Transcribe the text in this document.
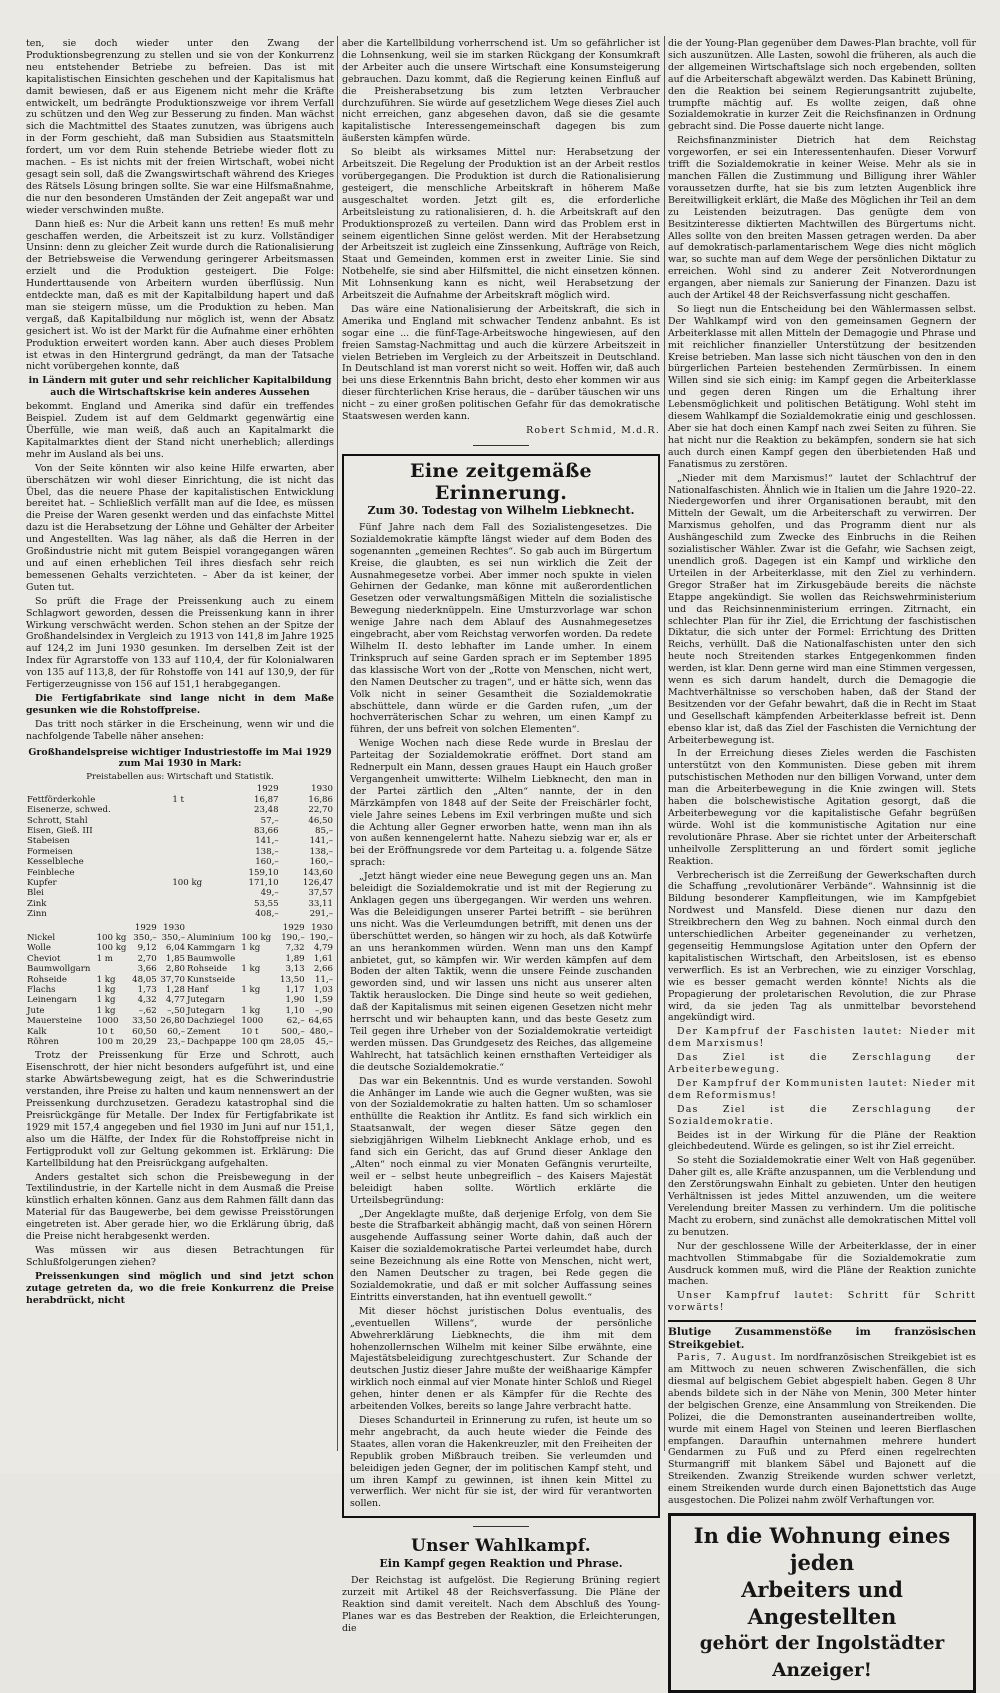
ten, sie doch wieder unter den Zwang der Produktionsbegrenzung zu stellen und sie von der Konkurrenz neu entstehender Betriebe zu befreien. Das ist mit kapitalistischen Einsichten geschehen und der Kapitalismus hat damit bewiesen, daß er aus Eigenem nicht mehr die Kräfte entwickelt, um bedrängte Produktionszweige vor ihrem Verfall zu schützen und den Weg zur Besserung zu finden. Man wächst sich die Machtmittel des Staates zunutzen, was übrigens auch in der Form geschieht, daß man Subsidien aus Staatsmitteln fordert, um vor dem Ruin stehende Betriebe wieder flott zu machen. – Es ist nichts mit der freien Wirtschaft, wobei nicht gesagt sein soll, daß die Zwangswirtschaft während des Krieges des Rätsels Lösung bringen sollte. Sie war eine Hilfsmaßnahme, die nur den besonderen Umständen der Zeit angepaßt war und wieder verschwinden mußte.

Dann hieß es: Nur die Arbeit kann uns retten! Es muß mehr geschaffen werden, die Arbeitszeit ist zu kurz. Vollständiger Unsinn: denn zu gleicher Zeit wurde durch die Rationalisierung der Betriebsweise die Verwendung geringerer Arbeitsmassen erzielt und die Produktion gesteigert. Die Folge: Hunderttausende von Arbeitern wurden überflüssig. Nun entdeckte man, daß es mit der Kapitalbildung hapert und daß man sie steigern müsse, um die Produktion zu heben. Man vergaß, daß Kapitalbildung nur möglich ist, wenn der Absatz gesichert ist. Wo ist der Markt für die Aufnahme einer erhöhten Produktion erweitert worden kann. Aber auch dieses Problem ist etwas in den Hintergrund gedrängt, da man der Tatsache nicht vorübergehen konnte, daß

in Ländern mit guter und sehr reichlicher Kapitalbildung auch die Wirtschaftskrise kein anderes Aussehen

bekommt. England und Amerika sind dafür ein treffendes Beispiel. Zudem ist auf dem Geldmarkt gegenwärtig eine Überfülle, wie man weiß, daß auch an Kapitalmarkt die Kapitalmarktes dient der Stand nicht unerheblich; allerdings mehr im Ausland als bei uns.

Von der Seite könnten wir also keine Hilfe erwarten, aber überschätzen wir wohl dieser Einrichtung, die ist nicht das Übel, das die neuere Phase der kapitalistischen Entwicklung bereitet hat. – Schließlich verfällt man auf die Idee, es müssen die Preise der Waren gesenkt werden und das einfachste Mittel dazu ist die Herabsetzung der Löhne und Gehälter der Arbeiter und Angestellten. Was lag näher, als daß die Herren in der Großindustrie nicht mit gutem Beispiel vorangegangen wären und auf einen erheblichen Teil ihres diesfach sehr reich bemessenen Gehalts verzichteten. – Aber da ist keiner, der Guten tut.

So prüft die Frage der Preissenkung auch zu einem Schlagwort geworden, dessen die Preissenkung kann in ihrer Wirkung verschwächt werden. Schon stehen an der Spitze der Großhandelsindex in Vergleich zu 1913 von 141,8 im Jahre 1925 auf 124,2 im Juni 1930 gesunken. Im derselben Zeit ist der Index für Agrarstoffe von 133 auf 110,4, der für Kolonialwaren von 135 auf 113,8, der für Rohstoffe von 141 auf 130,9, der für Fertigerzeugnisse von 156 auf 151,1 herabgegangen.

Die Fertigfabrikate sind lange nicht in dem Maße gesunken wie die Rohstoffpreise.

Das tritt noch stärker in die Erscheinung, wenn wir und die nachfolgende Tabelle näher ansehen:

Großhandelspreise wichtiger Industriestoffe im Mai 1929 zum Mai 1930 in Mark:
Preistabellen aus: Wirtschaft und Statistik.
		1929	1930
Fettförderkohle	1 t	16,87	16,86
Eisenerze, schwed.		23,48	22,70
Schrott, Stahl		57,–	46,50
Eisen, Gieß. III		83,66	85,–
Stabeisen		141,–	141,–
Formeisen		138,–	138,–
Kesselbleche		160,–	160,–
Feinbleche		159,10	143,60
Kupfer	100 kg	171,10	126,47
Blei		49,–	37,57
Zink		53,55	33,11
Zinn		408,–	291,–
		1929	1930			1929	1930
Nickel	100 kg	350,–	350,–	Aluminium	100 kg	190,–	190,–
Wolle	100 kg	9,12	6,04	Kammgarn	1 kg	7,32	4,79
Cheviot	1 m	2,70	1,85	Baumwolle		1,89	1,61
Baumwollgarn		3,66	2,80	Rohseide	1 kg	3,13	2,66
Rohseide	1 kg	48,05	37,70	Kunstseide		13,50	11,–
Flachs	1 kg	1,73	1,28	Hanf	1 kg	1,17	1,03
Leinengarn	1 kg	4,32	4,77	Jutegarn		1,90	1,59
Jute	1 kg	–,62	–,50	Jutegarn	1 kg	1,10	–,90
Mauersteine	1000	33,50	26,80	Dachziegel	1000	62,–	64,65
Kalk	10 t	60,50	60,–	Zement	10 t	500,–	480,–
Röhren	100 m	20,29	23,–	Dachpappe	100 qm	28,05	45,–

Trotz der Preissenkung für Erze und Schrott, auch Eisenschrott, der hier nicht besonders aufgeführt ist, und eine starke Abwärtsbewegung zeigt, hat es die Schwerindustrie verstanden, ihre Preise zu halten und kaum nennenswert an der Preissenkung durchzusetzen. Geradezu katastrophal sind die Preisrückgänge für Metalle. Der Index für Fertigfabrikate ist 1929 mit 157,4 angegeben und fiel 1930 im Juni auf nur 151,1, also um die Hälfte, der Index für die Rohstoffpreise nicht in Fertigprodukt voll zur Geltung gekommen ist. Erklärung: Die Kartellbildung hat den Preisrückgang aufgehalten.

Anders gestaltet sich schon die Preisbewegung in der Textilindustrie, in der Kartelle nicht in dem Ausmaß die Preise künstlich erhalten können. Ganz aus dem Rahmen fällt dann das Material für das Baugewerbe, bei dem gewisse Preisstörungen eingetreten ist. Aber gerade hier, wo die Erklärung übrig, daß die Preise nicht herabgesenkt werden.

Was müssen wir aus diesen Betrachtungen für Schlußfolgerungen ziehen?

Preissenkungen sind möglich und sind jetzt schon zutage getreten da, wo die freie Konkurrenz die Preise herabdrückt, nicht

aber die Kartellbildung vorherrschend ist. Um so gefährlicher ist die Lohnsenkung, weil sie im starken Rückgang der Konsumkraft der Arbeiter auch die unsere Wirtschaft eine Konsumsteigerung gebrauchen. Dazu kommt, daß die Regierung keinen Einfluß auf die Preisherabsetzung bis zum letzten Verbraucher durchzuführen. Sie würde auf gesetzlichem Wege dieses Ziel auch nicht erreichen, ganz abgesehen davon, daß sie die gesamte kapitalistische Interessengemeinschaft dagegen bis zum äußersten kämpfen würde.

So bleibt als wirksames Mittel nur: Herabsetzung der Arbeitszeit. Die Regelung der Produktion ist an der Arbeit restlos vorübergegangen. Die Produktion ist durch die Rationalisierung gesteigert, die menschliche Arbeitskraft in höherem Maße ausgeschaltet worden. Jetzt gilt es, die erforderliche Arbeitsleistung zu rationalisieren, d. h. die Arbeitskraft auf den Produktionsprozeß zu verteilen. Dann wird das Problem erst in seinem eigentlichen Sinne gelöst werden. Mit der Herabsetzung der Arbeitszeit ist zugleich eine Zinssenkung, Aufträge von Reich, Staat und Gemeinden, kommen erst in zweiter Linie. Sie sind Notbehelfe, sie sind aber Hilfsmittel, die nicht einsetzen können. Mit Lohnsenkung kann es nicht, weil Herabsetzung der Arbeitszeit die Aufnahme der Arbeitskraft möglich wird.

Das wäre eine Nationalisierung der Arbeitskraft, die sich in Amerika und England mit schwacher Tendenz anbahnt. Es ist sogar eine ... die fünf-Tage-Arbeitswoche hingewiesen, auf den freien Samstag-Nachmittag und auch die kürzere Arbeitszeit in vielen Betrieben im Vergleich zu der Arbeitszeit in Deutschland. In Deutschland ist man vorerst nicht so weit. Hoffen wir, daß auch bei uns diese Erkenntnis Bahn bricht, desto eher kommen wir aus dieser fürchterlichen Krise heraus, die – darüber täuschen wir uns nicht – zu einer großen politischen Gefahr für das demokratische Staatswesen werden kann.

Robert Schmid, M.d.R.

Eine zeitgemäße Erinnerung.
Zum 30. Todestag von Wilhelm Liebknecht.

Fünf Jahre nach dem Fall des Sozialistengesetzes. Die Sozialdemokratie kämpfte längst wieder auf dem Boden des sogenannten „gemeinen Rechtes“. So gab auch im Bürgertum Kreise, die glaubten, es sei nun wirklich die Zeit der Ausnahmegesetze vorbei. Aber immer noch spukte in vielen Gehirnen der Gedanke, man könne mit außerordentlichen Gesetzen oder verwaltungsmäßigen Mitteln die sozialistische Bewegung niederknüppeln. Eine Umsturzvorlage war schon wenige Jahre nach dem Ablauf des Ausnahmegesetzes eingebracht, aber vom Reichstag verworfen worden. Da redete Wilhelm II. desto lebhafter im Lande umher. In einem Trinkspruch auf seine Garden sprach er im September 1895 das klassische Wort von der „Rotte von Menschen, nicht wert, den Namen Deutscher zu tragen“, und er hätte sich, wenn das Volk nicht in seiner Gesamtheit die Sozialdemokratie abschüttele, dann würde er die Garden rufen, „um der hochverräterischen Schar zu wehren, um einen Kampf zu führen, der uns befreit von solchen Elementen“.

Wenige Wochen nach diese Rede wurde in Breslau der Parteitag der Sozialdemokratie eröffnet. Dort stand am Rednerpult ein Mann, dessen graues Haupt ein Hauch großer Vergangenheit umwitterte: Wilhelm Liebknecht, den man in der Partei zärtlich den „Alten“ nannte, der in den Märzkämpfen von 1848 auf der Seite der Freischärler focht, viele Jahre seines Lebens im Exil verbringen mußte und sich die Achtung aller Gegner erworben hatte, wenn man ihn als von außen kennengelernt hatte. Nahezu siebzig war er, als er bei der Eröffnungsrede vor dem Parteitag u. a. folgende Sätze sprach:

„Jetzt hängt wieder eine neue Bewegung gegen uns an. Man beleidigt die Sozialdemokratie und ist mit der Regierung zu Anklagen gegen uns übergegangen. Wir werden uns wehren. Was die Beleidigungen unserer Partei betrifft – sie berühren uns nicht. Was die Verleumdungen betrifft, mit denen uns der überschüttet werden, so hängen wir zu hoch, als daß Kotwürfe an uns herankommen würden. Wenn man uns den Kampf anbietet, gut, so kämpfen wir. Wir werden kämpfen auf dem Boden der alten Taktik, wenn die unsere Feinde zuschanden geworden sind, und wir lassen uns nicht aus unserer alten Taktik herauslocken. Die Dinge sind heute so weit gediehen, daß der Kapitalismus mit seinen eigenen Gesetzen nicht mehr herrscht und wir behaupten kann, und das beste Gesetz zum Teil gegen ihre Urheber von der Sozialdemokratie verteidigt werden müssen. Das Grundgesetz des Reiches, das allgemeine Wahlrecht, hat tatsächlich keinen ernsthaften Verteidiger als die deutsche Sozialdemokratie.“

Das war ein Bekenntnis. Und es wurde verstanden. Sowohl die Anhänger im Lande wie auch die Gegner wußten, was sie von der Sozialdemokratie zu halten hatten. Um so schamloser enthüllte die Reaktion ihr Antlitz. Es fand sich wirklich ein Staatsanwalt, der wegen dieser Sätze gegen den siebzigjährigen Wilhelm Liebknecht Anklage erhob, und es fand sich ein Gericht, das auf Grund dieser Anklage den „Alten“ noch einmal zu vier Monaten Gefängnis verurteilte, weil er – selbst heute unbegreiflich – des Kaisers Majestät beleidigt haben sollte. Wörtlich erklärte die Urteilsbegründung:

„Der Angeklagte mußte, daß derjenige Erfolg, von dem Sie beste die Strafbarkeit abhängig macht, daß von seinen Hörern ausgehende Auffassung seiner Worte dahin, daß auch der Kaiser die sozialdemokratische Partei verleumdet habe, durch seine Bezeichnung als eine Rotte von Menschen, nicht wert, den Namen Deutscher zu tragen, bei Rede gegen die Sozialdemokratie, und daß er mit solcher Auffassung seines Eintritts einverstanden, hat ihn eventuell gewollt.“

Mit dieser höchst juristischen Dolus eventualis, des „eventuellen Willens“, wurde der persönliche Abwehrerklärung Liebknechts, die ihm mit dem hohenzollernschen Wilhelm mit keiner Silbe erwähnte, eine Majestätsbeleidigung zurechtgeschustert. Zur Schande der deutschen Justiz dieser Jahre mußte der weißhaarige Kämpfer wirklich noch einmal auf vier Monate hinter Schloß und Riegel gehen, hinter denen er als Kämpfer für die Rechte des arbeitenden Volkes, bereits so lange Jahre verbracht hatte.

Dieses Schandurteil in Erinnerung zu rufen, ist heute um so mehr angebracht, da auch heute wieder die Feinde des Staates, allen voran die Hakenkreuzler, mit den Freiheiten der Republik groben Mißbrauch treiben. Sie verleumden und beleidigen jeden Gegner, der im politischen Kampf steht, und um ihren Kampf zu gewinnen, ist ihnen kein Mittel zu verwerflich. Wer nicht für sie ist, der wird für verantworten sollen.

Unser Wahlkampf.
Ein Kampf gegen Reaktion und Phrase.

Der Reichstag ist aufgelöst. Die Regierung Brüning regiert zurzeit mit Artikel 48 der Reichsverfassung. Die Pläne der Reaktion sind damit vereitelt. Nach dem Abschluß des Young-Planes war es das Bestreben der Reaktion, die Erleichterungen, die

die der Young-Plan gegenüber dem Dawes-Plan brachte, voll für sich auszunützen. Alle Lasten, sowohl die früheren, als auch die der allgemeinen Wirtschaftslage sich noch ergebenden, sollten auf die Arbeiterschaft abgewälzt werden. Das Kabinett Brüning, den die Reaktion bei seinem Regierungsantritt zujubelte, trumpfte mächtig auf. Es wollte zeigen, daß ohne Sozialdemokratie in kurzer Zeit die Reichsfinanzen in Ordnung gebracht sind. Die Posse dauerte nicht lange.

Reichsfinanzminister Dietrich hat dem Reichstag vorgeworfen, er sei ein Interessentenhaufen. Dieser Vorwurf trifft die Sozialdemokratie in keiner Weise. Mehr als sie in manchen Fällen die Zustimmung und Billigung ihrer Wähler voraussetzen durfte, hat sie bis zum letzten Augenblick ihre Bereitwilligkeit erklärt, die Maße des Möglichen ihr Teil an dem zu Leistenden beizutragen. Das genügte dem von Besitzinteresse diktierten Machtwillen des Bürgertums nicht. Alles sollte von den breiten Massen getragen werden. Da aber auf demokratisch-parlamentarischem Wege dies nicht möglich war, so suchte man auf dem Wege der persönlichen Diktatur zu erreichen. Wohl sind zu anderer Zeit Notverordnungen ergangen, aber niemals zur Sanierung der Finanzen. Dazu ist auch der Artikel 48 der Reichsverfassung nicht geschaffen.

So liegt nun die Entscheidung bei den Wählermassen selbst. Der Wahlkampf wird von den gemeinsamen Gegnern der Arbeiterklasse mit allen Mitteln der Demagogie und Phrase und mit reichlicher finanzieller Unterstützung der besitzenden Kreise betrieben. Man lasse sich nicht täuschen von den in den bürgerlichen Parteien bestehenden Zermürbissen. In einem Willen sind sie sich einig: im Kampf gegen die Arbeiterklasse und gegen deren Ringen um die Erhaltung ihrer Lebensmöglichkeit und politischen Betätigung. Wohl steht im diesem Wahlkampf die Sozialdemokratie einig und geschlossen. Aber sie hat doch einen Kampf nach zwei Seiten zu führen. Sie hat nicht nur die Reaktion zu bekämpfen, sondern sie hat sich auch durch einen Kampf gegen den überbietenden Haß und Fanatismus zu zerstören.

„Nieder mit dem Marxismus!“ lautet der Schlachtruf der Nationalfaschisten. Ähnlich wie in Italien um die Jahre 1920–22. Niedergeworfen und ihrer Organisationen beraubt, mit den Mitteln der Gewalt, um die Arbeiterschaft zu verwirren. Der Marxismus geholfen, und das Programm dient nur als Aushängeschild zum Zwecke des Einbruchs in die Reihen sozialistischer Wähler. Zwar ist die Gefahr, wie Sachsen zeigt, unendlich groß. Dagegen ist ein Kampf und wirkliche den Urteilen in der Arbeiterklasse, mit den Ziel zu verhindern. Gregor Straßer hat im Zirkusgebäude bereits die nächste Etappe angekündigt. Sie wollen das Reichswehrministerium und das Reichsinnenministerium erringen. Zitrnacht, ein schlechter Plan für ihr Ziel, die Errichtung der faschistischen Diktatur, die sich unter der Formel: Errichtung des Dritten Reichs, verhüllt. Daß die Nationalfaschisten unter den sich heute noch Streitenden starkes Entgegenkommen finden werden, ist klar. Denn gerne wird man eine Stimmen vergessen, wenn es sich darum handelt, durch die Demagogie die Machtverhältnisse so verschoben haben, daß der Stand der Besitzenden vor der Gefahr bewahrt, daß die in Recht im Staat und Gesellschaft kämpfenden Arbeiterklasse befreit ist. Denn ebenso klar ist, daß das Ziel der Faschisten die Vernichtung der Arbeiterbewegung ist.

In der Erreichung dieses Zieles werden die Faschisten unterstützt von den Kommunisten. Diese geben mit ihrem putschistischen Methoden nur den billigen Vorwand, unter dem man die Arbeiterbewegung in die Knie zwingen will. Stets haben die bolschewistische Agitation gesorgt, daß die Arbeiterbewegung vor die kapitalistische Gefahr begrüßen würde. Wohl ist die kommunistische Agitation nur eine revolutionäre Phrase. Aber sie richtet unter der Arbeiterschaft unheilvolle Zersplitterung an und fördert somit jegliche Reaktion.

Verbrecherisch ist die Zerreißung der Gewerkschaften durch die Schaffung „revolutionärer Verbände“. Wahnsinnig ist die Bildung besonderer Kampfleitungen, wie im Kampfgebiet Nordwest und Mansfeld. Diese dienen nur dazu den Streikbrechern den Weg zu bahnen. Noch einmal durch den unterschiedlichen Arbeiter gegeneinander zu verhetzen, gegenseitig Hemmungslose Agitation unter den Opfern der kapitalistischen Wirtschaft, den Arbeitslosen, ist es ebenso verwerflich. Es ist an Verbrechen, wie zu einziger Vorschlag, wie es besser gemacht werden könnte! Nichts als die Propagierung der proletarischen Revolution, die zur Phrase wird, da sie jeden Tag als unmittelbar bevorstehend angekündigt wird.

Der Kampfruf der Faschisten lautet: Nieder mit dem Marxismus!

Das Ziel ist die Zerschlagung der Arbeiterbewegung.

Der Kampfruf der Kommunisten lautet: Nieder mit dem Reformismus!

Das Ziel ist die Zerschlagung der Sozialdemokratie.

Beides ist in der Wirkung für die Pläne der Reaktion gleichbedeutend. Würde es gelingen, so ist ihr Ziel erreicht.

So steht die Sozialdemokratie einer Welt von Haß gegenüber. Daher gilt es, alle Kräfte anzuspannen, um die Verblendung und den Zerstörungswahn Einhalt zu gebieten. Unter den heutigen Verhältnissen ist jedes Mittel anzuwenden, um die weitere Verelendung breiter Massen zu verhindern. Um die politische Macht zu erobern, sind zunächst alle demokratischen Mittel voll zu benutzen.

Nur der geschlossene Wille der Arbeiterklasse, der in einer machtvollen Stimmabgabe für die Sozialdemokratie zum Ausdruck kommen muß, wird die Pläne der Reaktion zunichte machen.

Unser Kampfruf lautet: Schritt für Schritt vorwärts!

Blutige Zusammenstöße im französischen Streikgebiet.

Paris, 7. August. Im nordfranzösischen Streikgebiet ist es am Mittwoch zu neuen schweren Zwischenfällen, die sich diesmal auf belgischem Gebiet abgespielt haben. Gegen 8 Uhr abends bildete sich in der Nähe von Menin, 300 Meter hinter der belgischen Grenze, eine Ansammlung von Streikenden. Die Polizei, die die Demonstranten auseinandertreiben wollte, wurde mit einem Hagel von Steinen und leeren Bierflaschen empfangen. Daraufhin unternahmen mehrere hundert Gendarmen zu Fuß und zu Pferd einen regelrechten Sturmangriff mit blankem Säbel und Bajonett auf die Streikenden. Zwanzig Streikende wurden schwer verletzt, einem Streikenden wurde durch einen Bajonettstich das Auge ausgestochen. Die Polizei nahm zwölf Verhaftungen vor.

In die Wohnung eines jeden
Arbeiters und Angestellten
gehört der Ingolstädter Anzeiger!
